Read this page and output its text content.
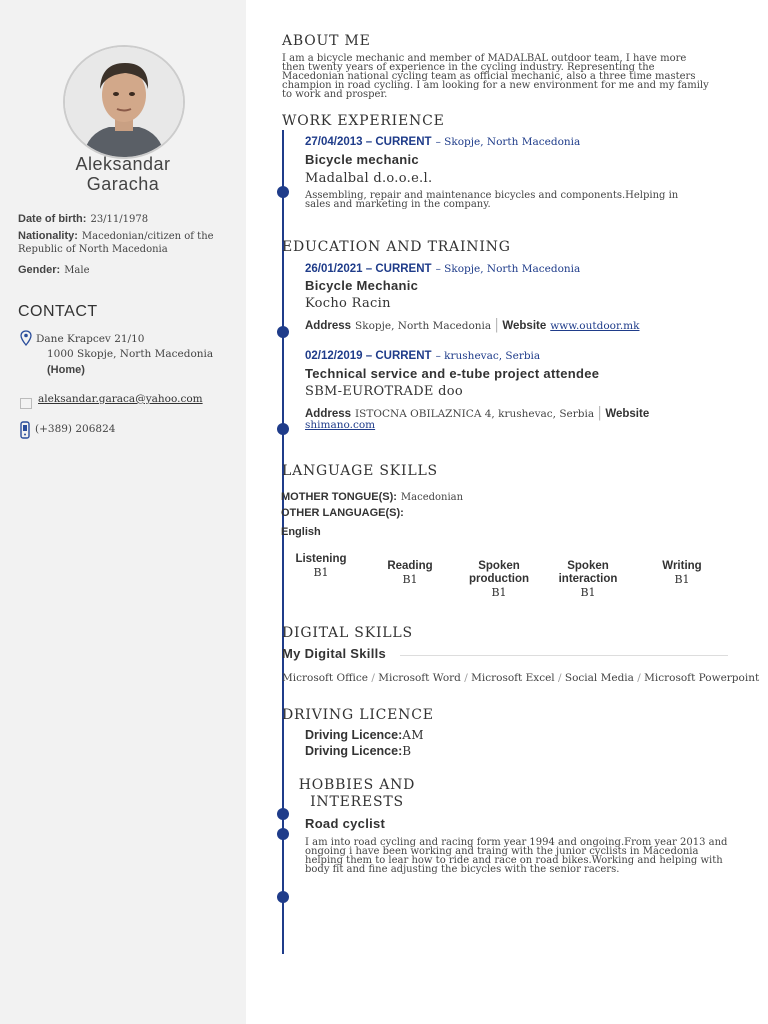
Aleksandar
Garacha
Date of birth: 23/11/1978
Nationality: Macedonian/citizen of the
Republic of North Macedonia
Gender: Male
CONTACT
Dane Krapcev 21/10
1000 Skopje, North Macedonia
(Home)
aleksandar.garaca@yahoo.com
(+389) 206824
ABOUT ME
I am a bicycle mechanic and member of MADALBAL outdoor team, I have more then twenty years of experience in the cycling industry. Representing the Macedonian national cycling team as official mechanic, also a three time masters champion in road cycling. I am looking for a new environment for me and my family to work and prosper.
WORK EXPERIENCE
27/04/2013 – CURRENT – Skopje, North Macedonia
Bicycle mechanic
Madalbal d.o.o.e.l.
Assembling, repair and maintenance bicycles and components.Helping in sales and marketing in the company.
EDUCATION AND TRAINING
26/01/2021 – CURRENT – Skopje, North Macedonia
Bicycle Mechanic
Kocho Racin
Address Skopje, North Macedonia | Website www.outdoor.mk
02/12/2019 – CURRENT – krushevac, Serbia
Technical service and e-tube project attendee
SBM-EUROTRADE doo
Address ISTOCNA OBILAZNICA 4, krushevac, Serbia | Website
shimano.com
LANGUAGE SKILLS
MOTHER TONGUE(S): Macedonian
OTHER LANGUAGE(S):
English
Listening
B1	Reading
B1
Spoken
production
B1
Spoken
interaction
B1
Writing
B1
DIGITAL SKILLS
My Digital Skills
Microsoft Office / Microsoft Word / Microsoft Excel / Social Media / Microsoft Powerpoint
DRIVING LICENCE
Driving Licence:AM
Driving Licence:B
HOBBIES AND
INTERESTS
Road cyclist
I am into road cycling and racing form year 1994 and ongoing.From year 2013 and ongoing i have been working and traing with the junior cyclists in Macedonia helping them to lear how to ride and race on road bikes.Working and helping with body fit and fine adjusting the bicycles with the senior racers.
